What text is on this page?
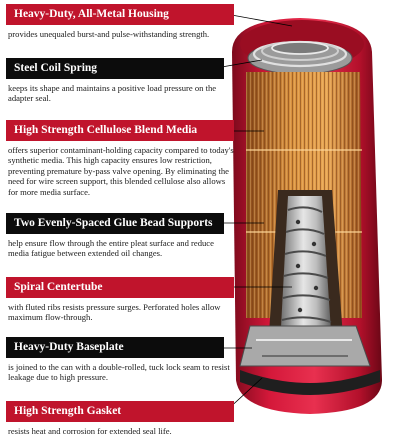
Heavy-Duty, All-Metal Housing
provides unequaled burst-and pulse-withstanding strength.
Steel Coil Spring
keeps its shape and maintains a positive load pressure on the adapter seal.
High Strength Cellulose Blend Media
offers superior contaminant-holding capacity compared to today's synthetic media. This high capacity ensures low restriction, preventing premature by-pass valve opening. By eliminating the need for wire screen support, this blended cellulose also allows for more media surface.
Two Evenly-Spaced Glue Bead Supports
help ensure flow through the entire pleat surface and reduce media fatigue between extended oil changes.
Spiral Centertube
with fluted ribs resists pressure surges. Perforated holes allow maximum flow-through.
Heavy-Duty Baseplate
is joined to the can with a double-rolled, tuck lock seam to resist leakage due to high pressure.
High Strength Gasket
resists heat and corrosion for extended seal life.
